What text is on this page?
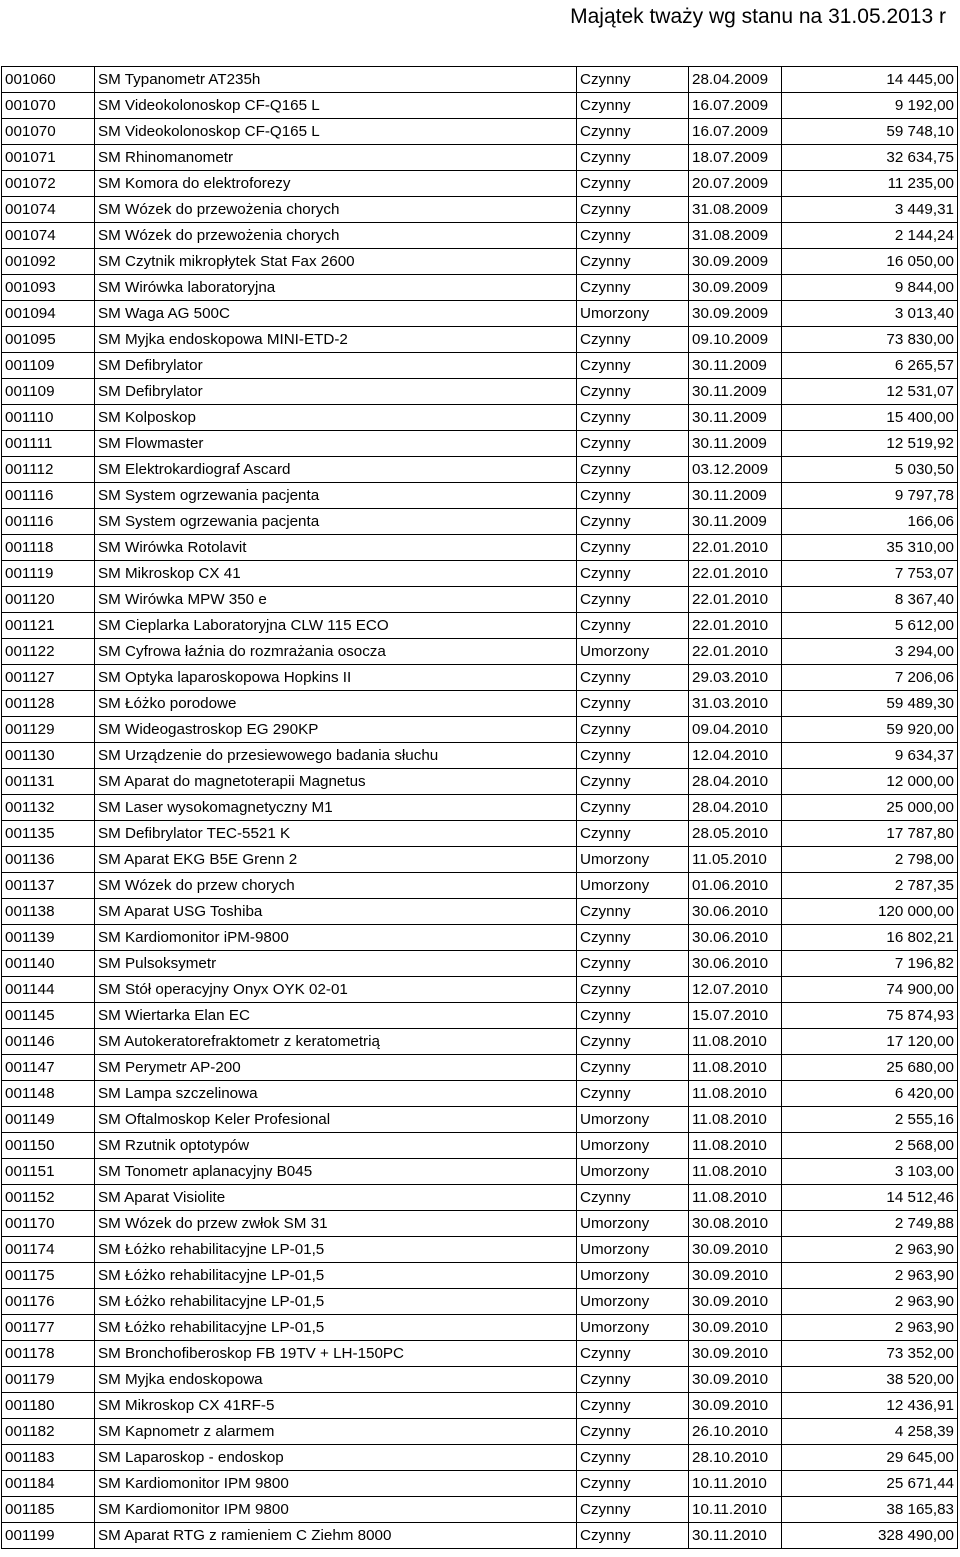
Majątek tważy wg stanu na 31.05.2013 r
001060	SM Typanometr AT235h	Czynny	28.04.2009	14 445,00
001070	SM Videokolonoskop CF-Q165 L	Czynny	16.07.2009	9 192,00
001070	SM Videokolonoskop CF-Q165 L	Czynny	16.07.2009	59 748,10
001071	SM Rhinomanometr	Czynny	18.07.2009	32 634,75
001072	SM Komora do elektroforezy	Czynny	20.07.2009	11 235,00
001074	SM Wózek do przewożenia chorych	Czynny	31.08.2009	3 449,31
001074	SM Wózek do przewożenia chorych	Czynny	31.08.2009	2 144,24
001092	SM Czytnik mikropłytek Stat Fax 2600	Czynny	30.09.2009	16 050,00
001093	SM Wirówka laboratoryjna	Czynny	30.09.2009	9 844,00
001094	SM Waga AG 500C	Umorzony	30.09.2009	3 013,40
001095	SM Myjka endoskopowa MINI-ETD-2	Czynny	09.10.2009	73 830,00
001109	SM Defibrylator	Czynny	30.11.2009	6 265,57
001109	SM Defibrylator	Czynny	30.11.2009	12 531,07
001110	SM Kolposkop	Czynny	30.11.2009	15 400,00
001111	SM Flowmaster	Czynny	30.11.2009	12 519,92
001112	SM Elektrokardiograf Ascard	Czynny	03.12.2009	5 030,50
001116	SM System ogrzewania pacjenta	Czynny	30.11.2009	9 797,78
001116	SM System ogrzewania pacjenta	Czynny	30.11.2009	166,06
001118	SM Wirówka Rotolavit	Czynny	22.01.2010	35 310,00
001119	SM Mikroskop CX 41	Czynny	22.01.2010	7 753,07
001120	SM Wirówka MPW 350 e	Czynny	22.01.2010	8 367,40
001121	SM Cieplarka Laboratoryjna CLW 115 ECO	Czynny	22.01.2010	5 612,00
001122	SM Cyfrowa łaźnia do rozmrażania osocza	Umorzony	22.01.2010	3 294,00
001127	SM Optyka laparoskopowa Hopkins II	Czynny	29.03.2010	7 206,06
001128	SM Łóżko porodowe	Czynny	31.03.2010	59 489,30
001129	SM Wideogastroskop EG 290KP	Czynny	09.04.2010	59 920,00
001130	SM Urządzenie do przesiewowego badania słuchu	Czynny	12.04.2010	9 634,37
001131	SM Aparat do magnetoterapii Magnetus	Czynny	28.04.2010	12 000,00
001132	SM Laser wysokomagnetyczny M1	Czynny	28.04.2010	25 000,00
001135	SM Defibrylator TEC-5521 K	Czynny	28.05.2010	17 787,80
001136	SM Aparat EKG B5E Grenn 2	Umorzony	11.05.2010	2 798,00
001137	SM Wózek do przew chorych	Umorzony	01.06.2010	2 787,35
001138	SM Aparat USG Toshiba	Czynny	30.06.2010	120 000,00
001139	SM Kardiomonitor iPM-9800	Czynny	30.06.2010	16 802,21
001140	SM Pulsoksymetr	Czynny	30.06.2010	7 196,82
001144	SM Stół operacyjny Onyx OYK 02-01	Czynny	12.07.2010	74 900,00
001145	SM Wiertarka Elan EC	Czynny	15.07.2010	75 874,93
001146	SM Autokeratorefraktometr z keratometrią	Czynny	11.08.2010	17 120,00
001147	SM Perymetr AP-200	Czynny	11.08.2010	25 680,00
001148	SM Lampa szczelinowa	Czynny	11.08.2010	6 420,00
001149	SM Oftalmoskop Keler Profesional	Umorzony	11.08.2010	2 555,16
001150	SM Rzutnik optotypów	Umorzony	11.08.2010	2 568,00
001151	SM Tonometr aplanacyjny B045	Umorzony	11.08.2010	3 103,00
001152	SM Aparat Visiolite	Czynny	11.08.2010	14 512,46
001170	SM Wózek do przew zwłok SM 31	Umorzony	30.08.2010	2 749,88
001174	SM Łóżko rehabilitacyjne LP-01,5	Umorzony	30.09.2010	2 963,90
001175	SM Łóżko rehabilitacyjne LP-01,5	Umorzony	30.09.2010	2 963,90
001176	SM Łóżko rehabilitacyjne LP-01,5	Umorzony	30.09.2010	2 963,90
001177	SM Łóżko rehabilitacyjne LP-01,5	Umorzony	30.09.2010	2 963,90
001178	SM Bronchofiberoskop FB 19TV + LH-150PC	Czynny	30.09.2010	73 352,00
001179	SM Myjka endoskopowa	Czynny	30.09.2010	38 520,00
001180	SM Mikroskop CX 41RF-5	Czynny	30.09.2010	12 436,91
001182	SM Kapnometr z alarmem	Czynny	26.10.2010	4 258,39
001183	SM Laparoskop - endoskop	Czynny	28.10.2010	29 645,00
001184	SM Kardiomonitor IPM 9800	Czynny	10.11.2010	25 671,44
001185	SM Kardiomonitor IPM 9800	Czynny	10.11.2010	38 165,83
001199	SM Aparat RTG z ramieniem C Ziehm 8000	Czynny	30.11.2010	328 490,00
